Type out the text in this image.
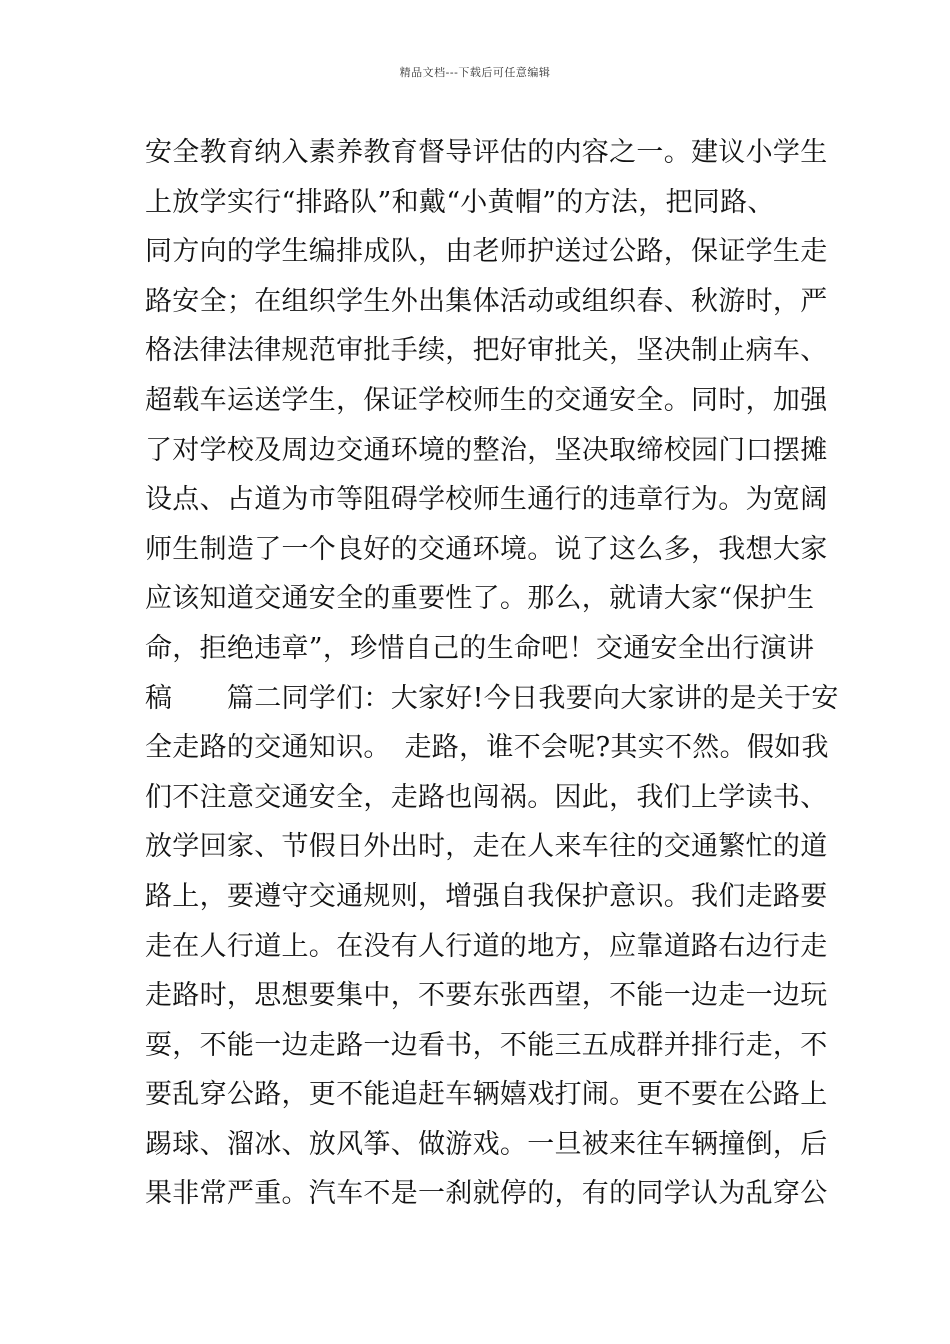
精品文档---下载后可任意编辑
安全教育纳入素养教育督导评估的内容之一。建议小学生
上放学实行“排路队”和戴“小黄帽”的方法，把同路、
同方向的学生编排成队，由老师护送过公路，保证学生走
路安全；在组织学生外出集体活动或组织春、秋游时，严
格法律法律规范审批手续，把好审批关，坚决制止病车、
超载车运送学生，保证学校师生的交通安全。同时，加强
了对学校及周边交通环境的整治，坚决取缔校园门口摆摊
设点、占道为市等阻碍学校师生通行的违章行为。为宽阔
师生制造了一个良好的交通环境。说了这么多，我想大家
应该知道交通安全的重要性了。那么，就请大家“保护生
命，拒绝违章”，珍惜自己的生命吧！交通安全出行演讲
稿　　篇二同学们：大家好!今日我要向大家讲的是关于安
全走路的交通知识。　走路，谁不会呢?其实不然。假如我
们不注意交通安全，走路也闯祸。因此，我们上学读书、
放学回家、节假日外出时，走在人来车往的交通繁忙的道
路上，要遵守交通规则，增强自我保护意识。我们走路要
走在人行道上。在没有人行道的地方，应靠道路右边行走
走路时，思想要集中，不要东张西望，不能一边走一边玩
耍，不能一边走路一边看书，不能三五成群并排行走，不
要乱穿公路，更不能追赶车辆嬉戏打闹。更不要在公路上
踢球、溜冰、放风筝、做游戏。一旦被来往车辆撞倒，后
果非常严重。汽车不是一刹就停的，有的同学认为乱穿公
